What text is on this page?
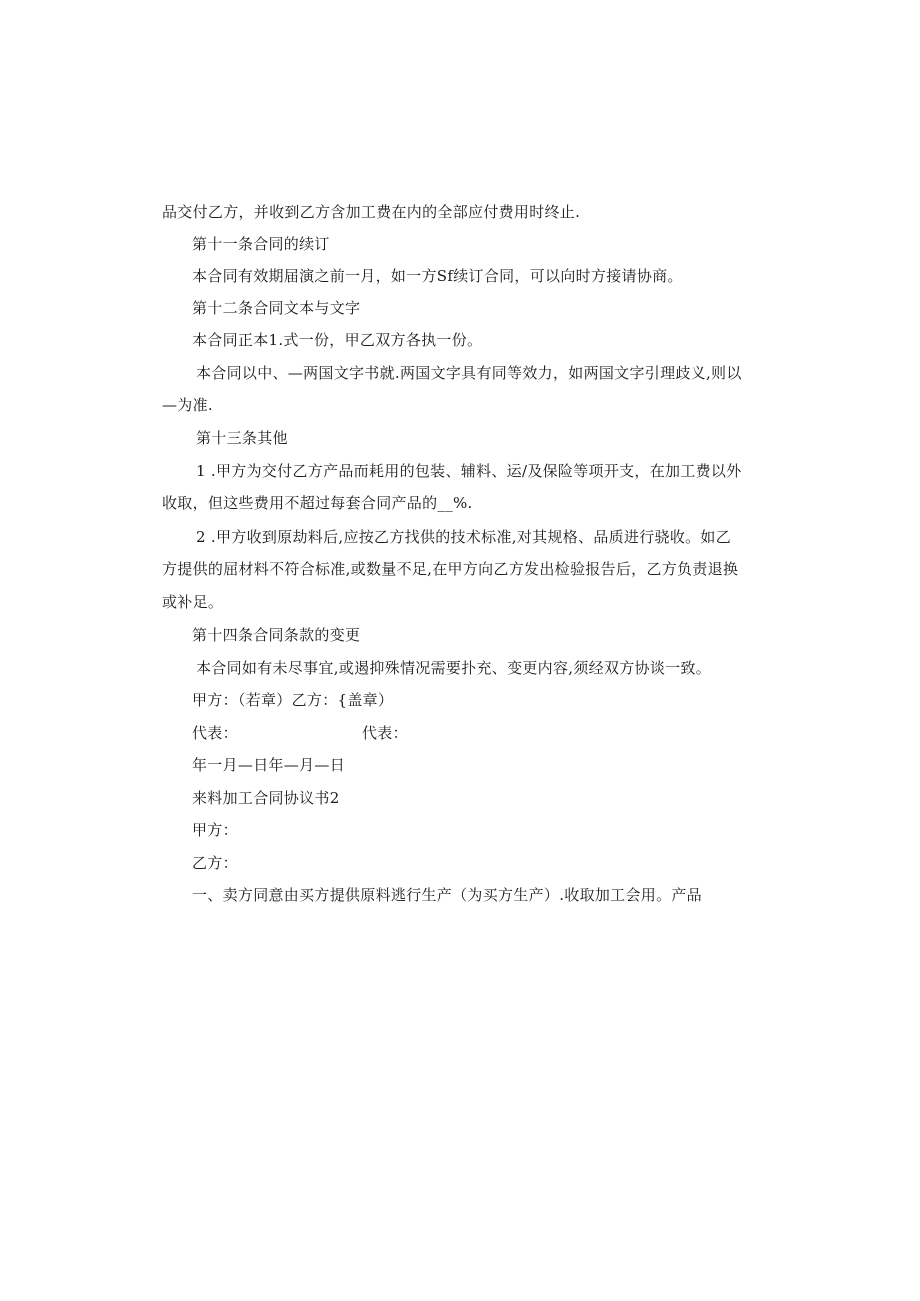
品交付乙方，并收到乙方含加工费在内的全部应付费用时终止.
第十一条合同的续订
本合同有效期届演之前一月，如一方Sf续订合同，可以向时方接请协商。
第十二条合同文本与文字
本合同正本1.式一份，甲乙双方各执一份。
本合同以中、—两国文字书就.两国文字具有同等效力，如两国文字引理歧义,则以
—为准.
第十三条其他
1 .甲方为交付乙方产品而耗用的包装、辅料、运/及保险等项开支，在加工费以外
收取，但这些费用不超过每套合同产品的__%.
2 .甲方收到原劫料后,应按乙方找供的技术标准,对其规格、品质进行骁收。如乙
方提供的屈材料不符合标准,或数量不足,在甲方向乙方发出检验报告后，乙方负责退换
或补足。
第十四条合同条款的变更
本合同如有未尽事宜,或遏抑殊情况需要扑充、变更内容,须经双方协谈一致。
甲方：（若章）乙方：{盖章）
代表：	代表：
年一月—日年—月—日
来料加工合同协议书2
甲方：
乙方：
一、卖方同意由买方提供原料逃行生产（为买方生产）.收取加工会用。产品
